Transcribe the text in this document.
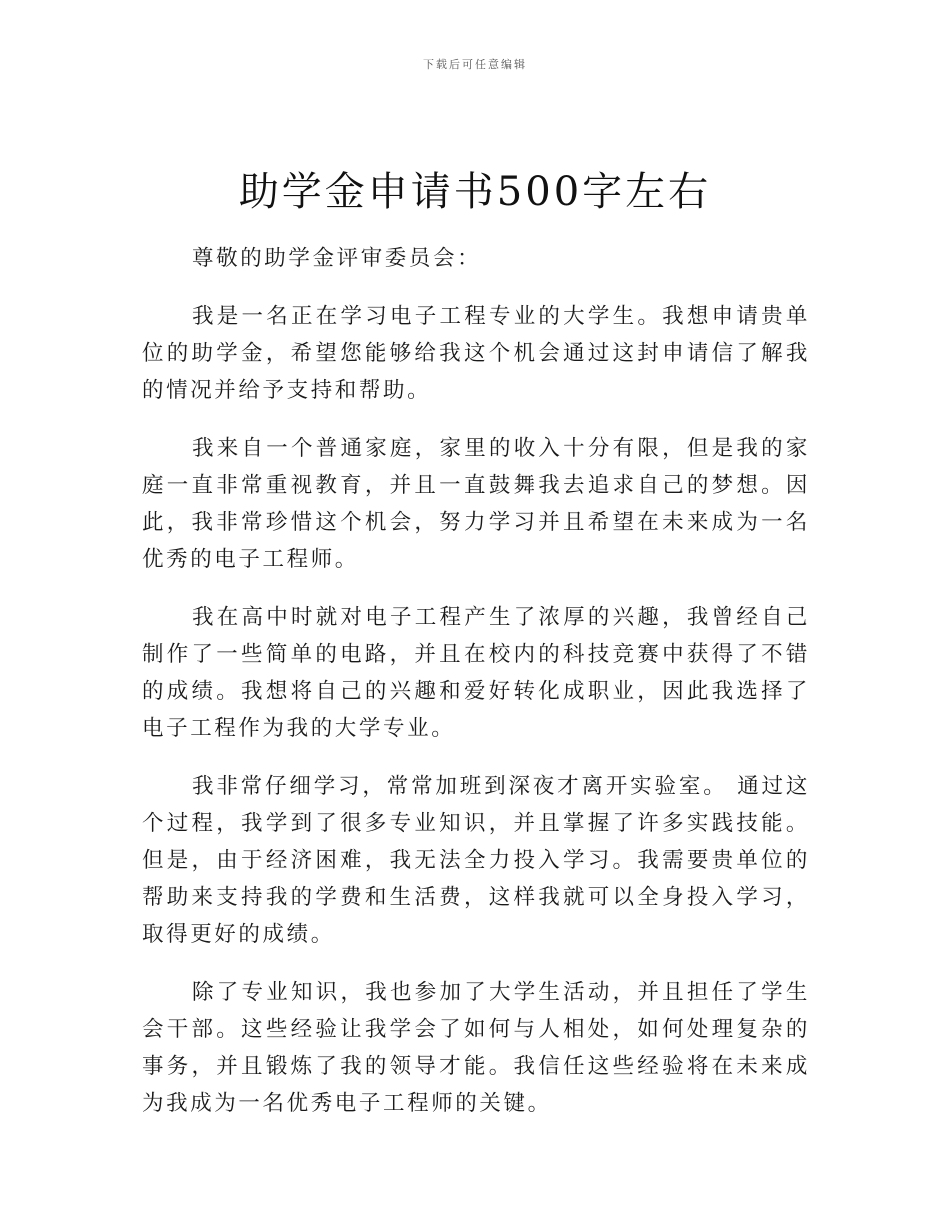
下载后可任意编辑
助学金申请书500字左右

尊敬的助学金评审委员会：

我是一名正在学习电子工程专业的大学生。我想申请贵单位的助学金，希望您能够给我这个机会通过这封申请信了解我的情况并给予支持和帮助。

我来自一个普通家庭，家里的收入十分有限，但是我的家庭一直非常重视教育，并且一直鼓舞我去追求自己的梦想。因此，我非常珍惜这个机会，努力学习并且希望在未来成为一名优秀的电子工程师。

我在高中时就对电子工程产生了浓厚的兴趣，我曾经自己制作了一些简单的电路，并且在校内的科技竞赛中获得了不错的成绩。我想将自己的兴趣和爱好转化成职业，因此我选择了电子工程作为我的大学专业。

我非常仔细学习，常常加班到深夜才离开实验室。 通过这个过程，我学到了很多专业知识，并且掌握了许多实践技能。但是，由于经济困难，我无法全力投入学习。我需要贵单位的帮助来支持我的学费和生活费，这样我就可以全身投入学习，取得更好的成绩。

除了专业知识，我也参加了大学生活动，并且担任了学生会干部。这些经验让我学会了如何与人相处，如何处理复杂的事务，并且锻炼了我的领导才能。我信任这些经验将在未来成为我成为一名优秀电子工程师的关键。
